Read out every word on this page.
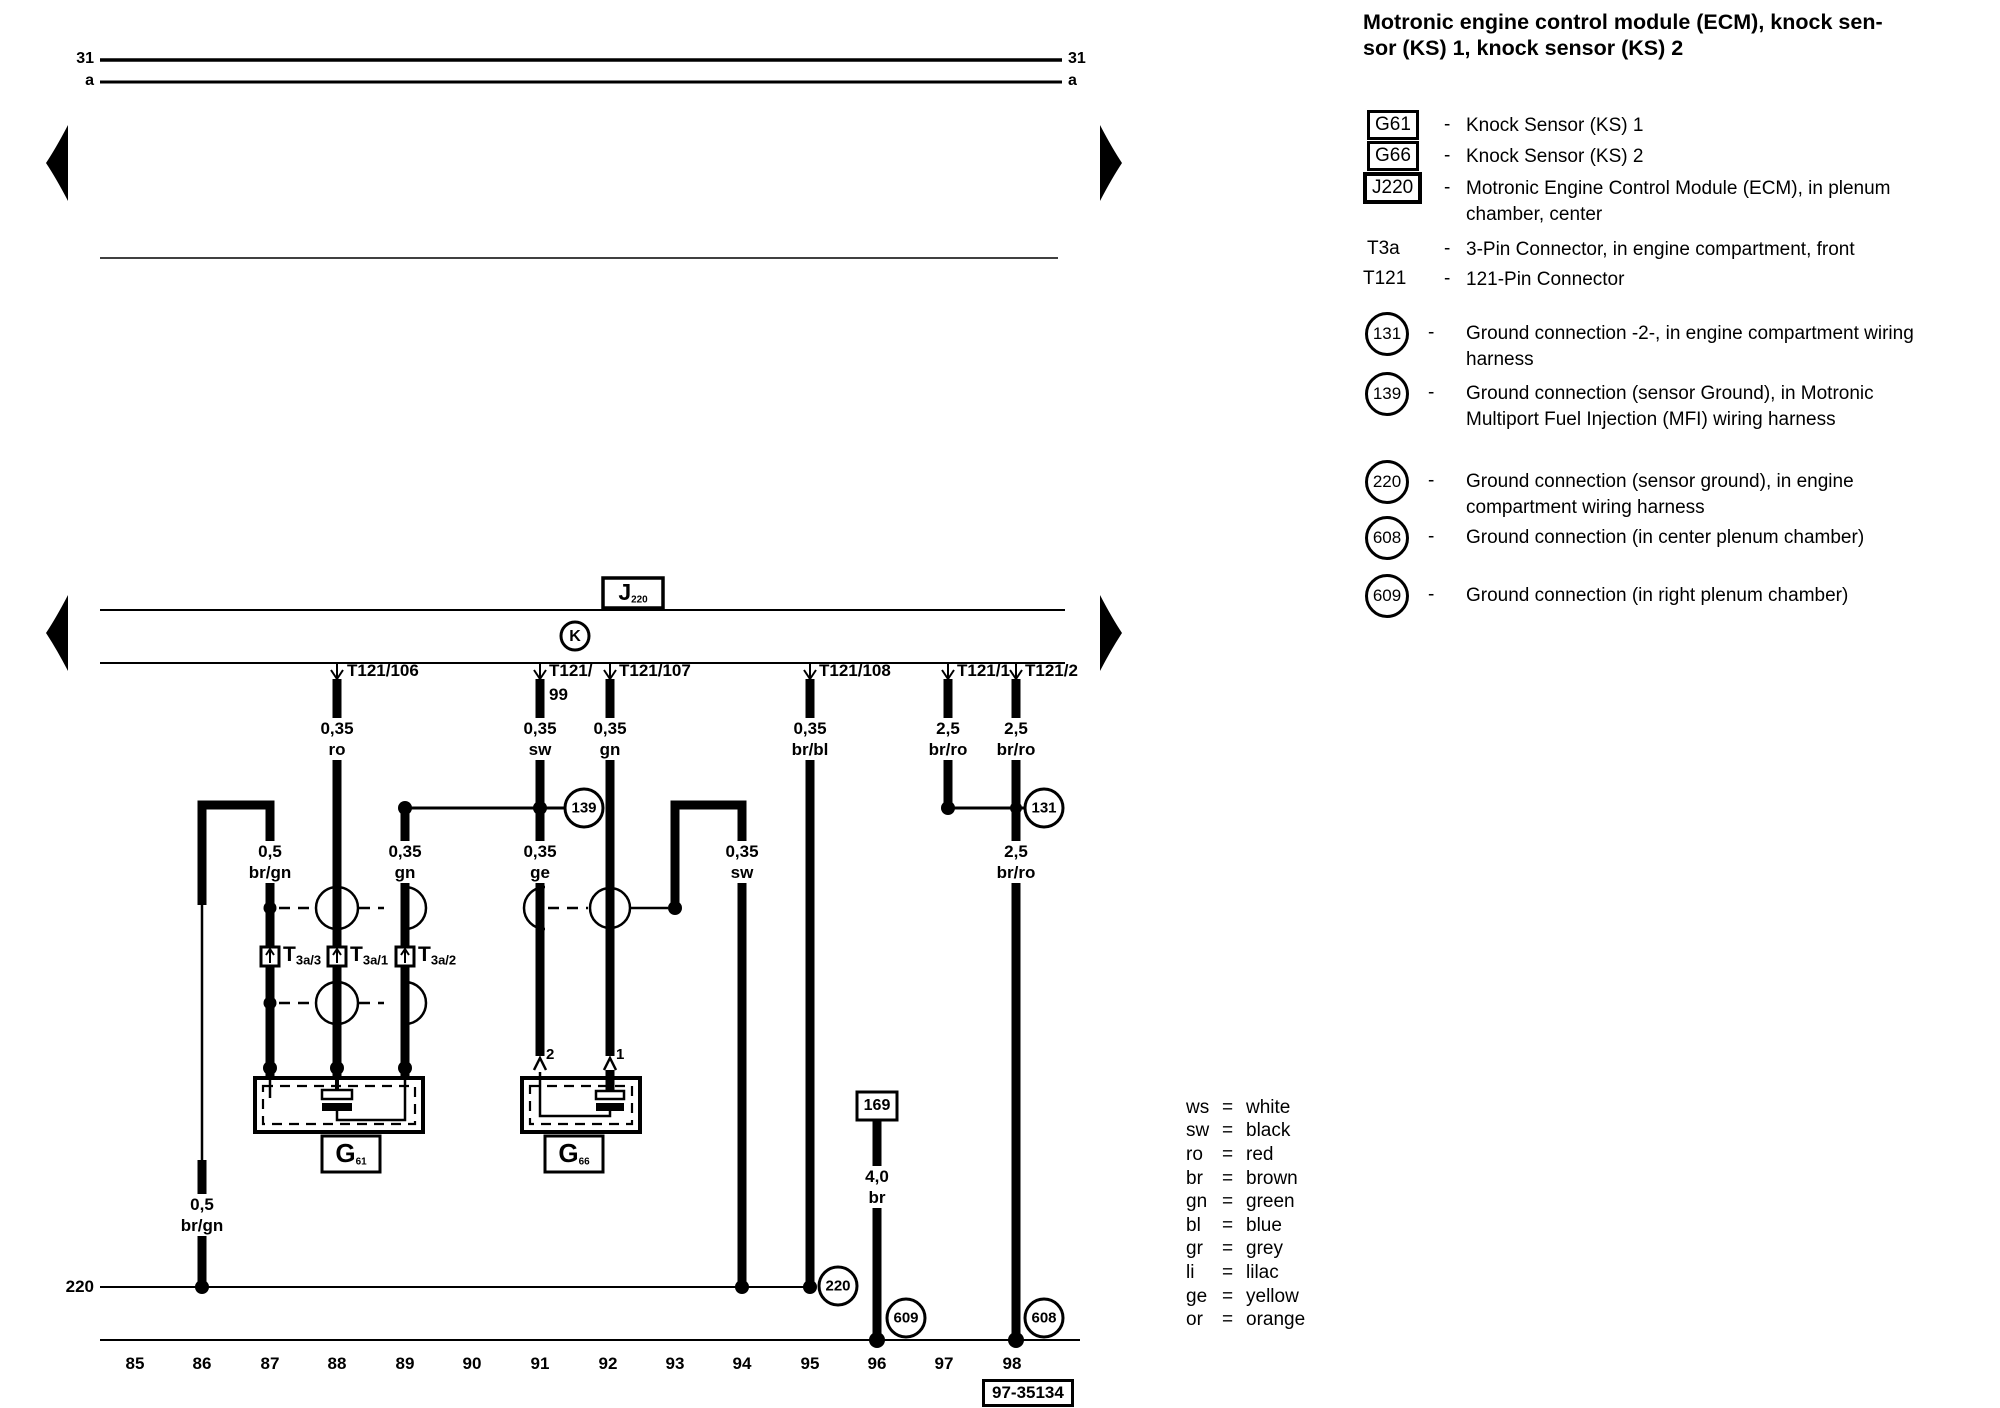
31
a
31
a
$J_{220}$
K
T121/106	T121/
99
T121/107	T121/108	T121/1 T121/2
0,35
ro
0,35
sw
0,35
gn
0,35
br/bl
2,5
br/ro
2,5
br/ro
0,5
br/gn
0,35
gn
0,35
ge
0,35
sw
2,5
br/ro
0,5
br/gn
4,0
br
139	131
220
609	608
220
$T_{3a/3}$ $T_{3a/1}$ $T_{3a/2}$
2	1
$G_{61}$	$G_{66}$
169
85	86	87	88	89	90	91	92	93	94	95	96	97	98
97-35134
Motronic engine control module (ECM), knock sen-
sor (KS) 1, knock sensor (KS) 2
G61	- Knock Sensor (KS) 1
G66	- Knock Sensor (KS) 2
J220	- Motronic Engine Control Module (ECM), in plenum chamber, center
T3a - 3-Pin Connector, in engine compartment, front
T121 - 121-Pin Connector
131	- Ground connection -2-, in engine compartment wiring harness
139	- Ground connection (sensor Ground), in Motronic Multiport Fuel Injection (MFI) wiring harness
220	- Ground connection (sensor ground), in engine compartment wiring harness
608	- Ground connection (in center plenum chamber)
609	- Ground connection (in right plenum chamber)
ws = white
sw = black
ro	= red
br	= brown
gn = green
bl	= blue
gr	= grey
li	= lilac
ge = yellow
or	= orange
